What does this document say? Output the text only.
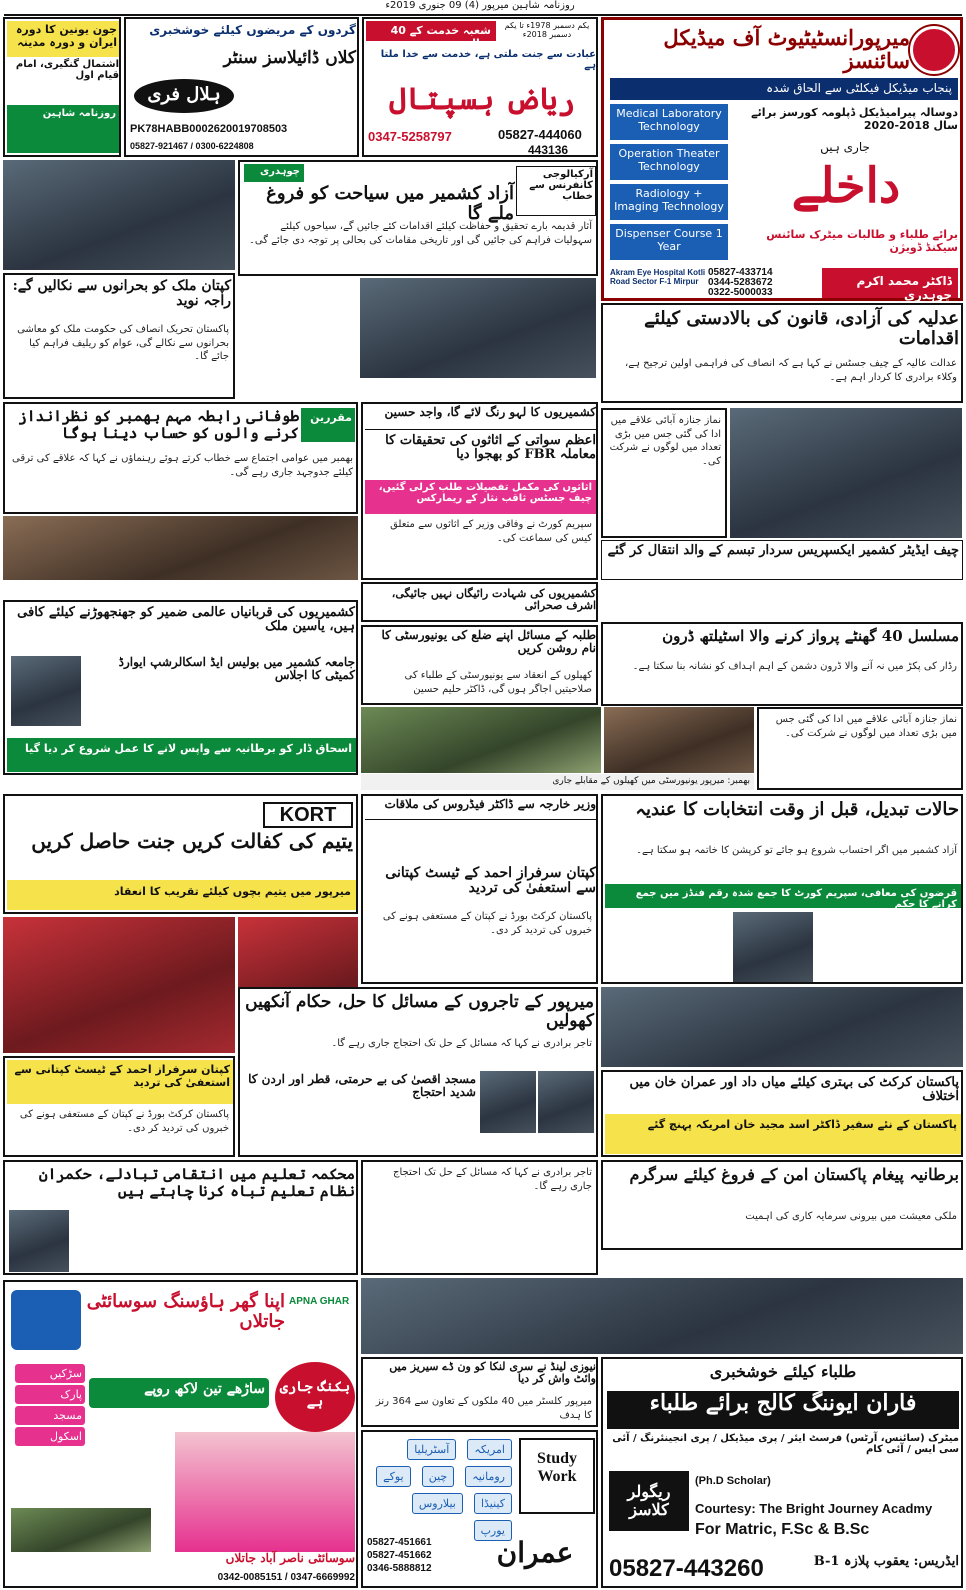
روزنامہ شاہین میرپور (4) 09 جنوری 2019ء
میرپورانسٹیٹیوٹ آف میڈیکل سائنسز
پنجاب میڈیکل فیکلٹی سے الحاق شدہ
Medical Laboratory Technology
Operation Theater Technology
Radiology + Imaging Technology
Dispenser Course 1 Year
دوسالہ پیرامیڈیکل ڈپلومہ کورسز برائے سال 2018-2020
جاری ہیں
داخلے
برائے طلباء و طالبات میٹرک سائنس سیکنڈ ڈویژن
Akram Eye Hospital Kotli Road Sector F-1 Mirpur
05827-433714
0344-5283672
0322-5000033
ڈاکٹر محمد اکرم چوہدری
شعبہ خدمت کے 40 سال
یکم دسمبر 1978ء تا یکم دسمبر 2018ء
عبادت سے جنت ملتی ہے، خدمت سے خدا ملتا ہے
ریاض ہسپتال
0347-5258797	05827-444060
443136
گردوں کے مریضوں کیلئے خوشخبری
کلاں ڈائیلاسز سنٹر
ہلال فری
PK78HABB0002620019708503
05827-921467 / 0300-6224808
جون یونین کا دورہ ایران و دورہ مدینہ
اشتمال گنگیری، امام قیام اول
روزنامہ شاہین
چوہدری
آزاد کشمیر میں سیاحت کو فروغ ملے گا
آرکیالوجی کانفرنس سے خطاب
آثار قدیمہ بارے تحقیق و حفاظت کیلئے اقدامات کئے جائیں گے، سیاحوں کیلئے سہولیات فراہم کی جائیں گی اور تاریخی مقامات کی بحالی پر توجہ دی جائے گی۔
کپتان ملک کو بحرانوں سے نکالیں گے: راجہ نوید
پاکستان تحریک انصاف کی حکومت ملک کو معاشی بحرانوں سے نکالے گی، عوام کو ریلیف فراہم کیا جائے گا۔
عدلیہ کی آزادی، قانون کی بالادستی کیلئے اقدامات
عدالت عالیہ کے چیف جسٹس نے کہا ہے کہ انصاف کی فراہمی اولین ترجیح ہے، وکلاء برادری کا کردار اہم ہے۔
مقررین
طوفانی رابطہ مہم بھمبر کو نظرانداز کرنے والوں کو حساب دینا ہوگا
بھمبر میں عوامی اجتماع سے خطاب کرتے ہوئے رہنماؤں نے کہا کہ علاقے کی ترقی کیلئے جدوجہد جاری رہے گی۔
کشمیریوں کا لہو رنگ لائے گا، واجد حسین
اعظم سواتی کے اثاثوں کی تحقیقات کا معاملہ FBR کو بھجوا دیا
اثاثوں کی مکمل تفصیلات طلب کرلی گئیں، چیف جسٹس ثاقب نثار کے ریمارکس
سپریم کورٹ نے وفاقی وزیر کے اثاثوں سے متعلق کیس کی سماعت کی۔
نماز جنازہ آبائی علاقے میں ادا کی گئی جس میں بڑی تعداد میں لوگوں نے شرکت کی۔
چیف ایڈیٹر کشمیر ایکسپریس سردار تبسم کے والد انتقال کر گئے
کشمیریوں کی شہادت رائیگاں نہیں جائیگی، اشرف صحرائی
کشمیریوں کی قربانیاں عالمی ضمیر کو جھنجھوڑنے کیلئے کافی ہیں، یاسین ملک
جامعہ کشمیر میں بولیس ایڈ اسکالرشپ ایوارڈ کمیٹی کا اجلاس
اسحاق ڈار کو برطانیہ سے واپس لانے کا عمل شروع کر دیا گیا
طلبہ کے مسائل اپنے ضلع کی یونیورسٹی کا نام روشن کریں
کھیلوں کے انعقاد سے یونیورسٹی کے طلباء کی صلاحیتیں اجاگر ہوں گی، ڈاکٹر حلیم حسین
بھمبر: میرپور یونیورسٹی میں کھیلوں کے مقابلے جاری
مسلسل 40 گھنٹے پرواز کرنے والا اسٹیلتھ ڈرون
رڈار کی پکڑ میں نہ آنے والا ڈرون دشمن کے اہم اہداف کو نشانہ بنا سکتا ہے۔
نماز جنازہ آبائی علاقے میں ادا کی گئی جس میں بڑی تعداد میں لوگوں نے شرکت کی۔
KORT
یتیم کی کفالت کریں جنت حاصل کریں
میرپور میں یتیم بچوں کیلئے تقریب کا انعقاد
وزیر خارجہ سے ڈاکٹر فیڈروس کی ملاقات
کپتان سرفراز احمد کے ٹیسٹ کپتانی سے استعفیٰ کی تردید
پاکستان کرکٹ بورڈ نے کپتان کے مستعفی ہونے کی خبروں کی تردید کر دی۔
حالات تبدیل، قبل از وقت انتخابات کا عندیہ
آزاد کشمیر میں اگر احتساب شروع ہو جائے تو کرپشن کا خاتمہ ہو سکتا ہے۔
قرضوں کی معافی، سپریم کورٹ کا جمع شدہ رقم فنڈز میں جمع کرانے کا حکم
میرپور کے تاجروں کے مسائل کا حل، حکام آنکھیں کھولیں
تاجر برادری نے کہا کہ مسائل کے حل تک احتجاج جاری رہے گا۔
مسجد اقصیٰ کی بے حرمتی، قطر اور اردن کا شدید احتجاج
پاکستان کرکٹ کی بہتری کیلئے میاں داد اور عمران خان میں اختلاف
پاکستان کے نئے سفیر ڈاکٹر اسد مجید خان امریکہ پہنچ گئے
کپتان سرفراز احمد کے ٹیسٹ کپتانی سے استعفیٰ کی تردید
پاکستان کرکٹ بورڈ نے کپتان کے مستعفی ہونے کی خبروں کی تردید کر دی۔
محکمہ تعلیم میں انتقامی تبادلے، حکمران نظام تعلیم تباہ کرنا چاہتے ہیں
برطانیہ پیغام پاکستان امن کے فروغ کیلئے سرگرم
ملکی معیشت میں بیرونی سرمایہ کاری کی اہمیت
تاجر برادری نے کہا کہ مسائل کے حل تک احتجاج جاری رہے گا۔
اپنا گھر ہاؤسنگ سوسائٹی جاتلاں
APNA GHAR
سڑکیں
پارک
مسجد
اسکول
ساڑھے تین لاکھ روپے	بکنگ جاری ہے
سوسائٹی ناصر آباد جاتلاں
0342-0085151 / 0347-6669992
نیوزی لینڈ نے سری لنکا کو ون ڈے سیریز میں وائٹ واش کر دیا
میرپور کلسٹر میں 40 ملکوں کے تعاون سے 364 رنز کا ہدف
امریکہ آسٹریلیا رومانیہ چین یوکے کینیڈا بیلاروس یورپ
Study
Work
05827-451661
05827-451662
0346-5888812	عمران
طلباء کیلئے خوشخبری
فاران ایوننگ کالج برائے طلباء
میٹرک (سائنس، آرٹس) فرسٹ ایئر / پری میڈیکل / پری انجینئرنگ / آئی سی ایس / آئی کام
ریگولر کلاسز
(Ph.D Scholar)
Courtesy: The Bright Journey Acadmy
For Matric, F.Sc & B.Sc
05827-443260	ایڈریس: یعقوب پلازہ B-1
